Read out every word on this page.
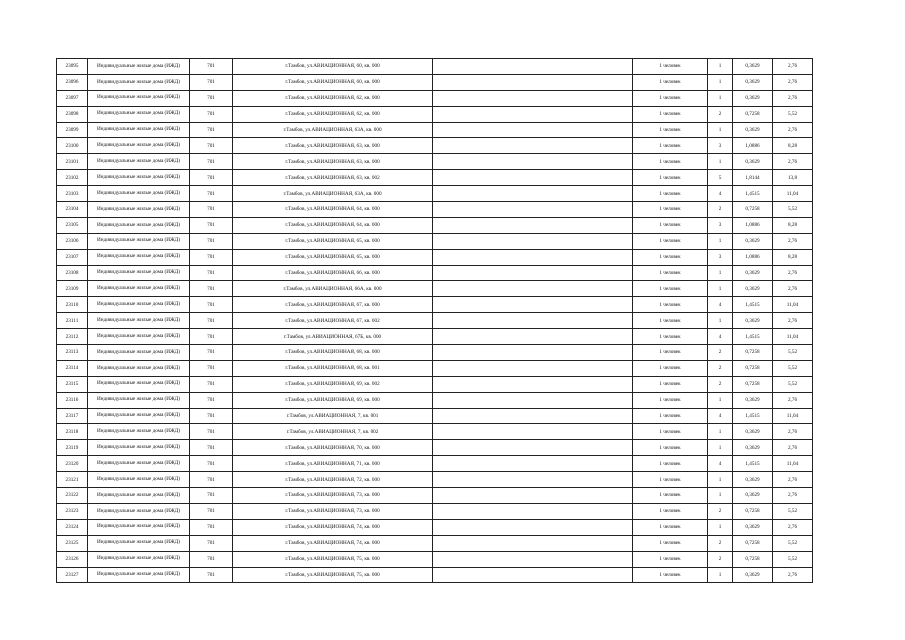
23095	Индивидуальные жилые дома (ИЖД)	701	г.Тамбов, ул.АВИАЦИОННАЯ, 60, кв. 000		1 человек	1	0,3629	2,76
23096	Индивидуальные жилые дома (ИЖД)	701	г.Тамбов, ул.АВИАЦИОННАЯ, 60, кв. 000		1 человек	1	0,3629	2,76
23097	Индивидуальные жилые дома (ИЖД)	701	г.Тамбов, ул.АВИАЦИОННАЯ, 62, кв. 000		1 человек	1	0,3629	2,76
23098	Индивидуальные жилые дома (ИЖД)	701	г.Тамбов, ул.АВИАЦИОННАЯ, 62, кв. 000		1 человек	2	0,7258	5,52
23099	Индивидуальные жилые дома (ИЖД)	701	г.Тамбов, ул.АВИАЦИОННАЯ, 63А, кв. 000		1 человек	1	0,3629	2,76
23100	Индивидуальные жилые дома (ИЖД)	701	г.Тамбов, ул.АВИАЦИОННАЯ, 63, кв. 000		1 человек	3	1,0886	8,28
23101	Индивидуальные жилые дома (ИЖД)	701	г.Тамбов, ул.АВИАЦИОННАЯ, 63, кв. 000		1 человек	1	0,3629	2,76
23102	Индивидуальные жилые дома (ИЖД)	701	г.Тамбов, ул.АВИАЦИОННАЯ, 63, кв. 002		1 человек	5	1,8144	13,8
23103	Индивидуальные жилые дома (ИЖД)	701	г.Тамбов, ул.АВИАЦИОННАЯ, 63А, кв. 000		1 человек	4	1,4515	11,04
23104	Индивидуальные жилые дома (ИЖД)	701	г.Тамбов, ул.АВИАЦИОННАЯ, 64, кв. 000		1 человек	2	0,7258	5,52
23105	Индивидуальные жилые дома (ИЖД)	701	г.Тамбов, ул.АВИАЦИОННАЯ, 64, кв. 000		1 человек	3	1,0886	8,28
23106	Индивидуальные жилые дома (ИЖД)	701	г.Тамбов, ул.АВИАЦИОННАЯ, 65, кв. 000		1 человек	1	0,3629	2,76
23107	Индивидуальные жилые дома (ИЖД)	701	г.Тамбов, ул.АВИАЦИОННАЯ, 65, кв. 000		1 человек	3	1,0886	8,28
23108	Индивидуальные жилые дома (ИЖД)	701	г.Тамбов, ул.АВИАЦИОННАЯ, 66, кв. 000		1 человек	1	0,3629	2,76
23109	Индивидуальные жилые дома (ИЖД)	701	г.Тамбов, ул.АВИАЦИОННАЯ, 66А, кв. 000		1 человек	1	0,3629	2,76
23110	Индивидуальные жилые дома (ИЖД)	701	г.Тамбов, ул.АВИАЦИОННАЯ, 67, кв. 000		1 человек	4	1,4515	11,04
23111	Индивидуальные жилые дома (ИЖД)	701	г.Тамбов, ул.АВИАЦИОННАЯ, 67, кв. 002		1 человек	1	0,3629	2,76
23112	Индивидуальные жилые дома (ИЖД)	701	г.Тамбов, ул.АВИАЦИОННАЯ, 67Б, кв. 000		1 человек	4	1,4515	11,04
23113	Индивидуальные жилые дома (ИЖД)	701	г.Тамбов, ул.АВИАЦИОННАЯ, 68, кв. 000		1 человек	2	0,7258	5,52
23114	Индивидуальные жилые дома (ИЖД)	701	г.Тамбов, ул.АВИАЦИОННАЯ, 68, кв. 001		1 человек	2	0,7258	5,52
23115	Индивидуальные жилые дома (ИЖД)	701	г.Тамбов, ул.АВИАЦИОННАЯ, 69, кв. 002		1 человек	2	0,7258	5,52
23116	Индивидуальные жилые дома (ИЖД)	701	г.Тамбов, ул.АВИАЦИОННАЯ, 69, кв. 000		1 человек	1	0,3629	2,76
23117	Индивидуальные жилые дома (ИЖД)	701	г.Тамбов, ул.АВИАЦИОННАЯ, 7, кв. 001		1 человек	4	1,4515	11,04
23118	Индивидуальные жилые дома (ИЖД)	701	г.Тамбов, ул.АВИАЦИОННАЯ, 7, кв. 002		1 человек	1	0,3629	2,76
23119	Индивидуальные жилые дома (ИЖД)	701	г.Тамбов, ул.АВИАЦИОННАЯ, 70, кв. 000		1 человек	1	0,3629	2,76
23120	Индивидуальные жилые дома (ИЖД)	701	г.Тамбов, ул.АВИАЦИОННАЯ, 71, кв. 000		1 человек	4	1,4515	11,04
23121	Индивидуальные жилые дома (ИЖД)	701	г.Тамбов, ул.АВИАЦИОННАЯ, 72, кв. 000		1 человек	1	0,3629	2,76
23122	Индивидуальные жилые дома (ИЖД)	701	г.Тамбов, ул.АВИАЦИОННАЯ, 73, кв. 000		1 человек	1	0,3629	2,76
23123	Индивидуальные жилые дома (ИЖД)	701	г.Тамбов, ул.АВИАЦИОННАЯ, 73, кв. 000		1 человек	2	0,7258	5,52
23124	Индивидуальные жилые дома (ИЖД)	701	г.Тамбов, ул.АВИАЦИОННАЯ, 74, кв. 000		1 человек	1	0,3629	2,76
23125	Индивидуальные жилые дома (ИЖД)	701	г.Тамбов, ул.АВИАЦИОННАЯ, 74, кв. 000		1 человек	2	0,7258	5,52
23126	Индивидуальные жилые дома (ИЖД)	701	г.Тамбов, ул.АВИАЦИОННАЯ, 75, кв. 000		1 человек	2	0,7258	5,52
23127	Индивидуальные жилые дома (ИЖД)	701	г.Тамбов, ул.АВИАЦИОННАЯ, 75, кв. 000		1 человек	1	0,3629	2,76
